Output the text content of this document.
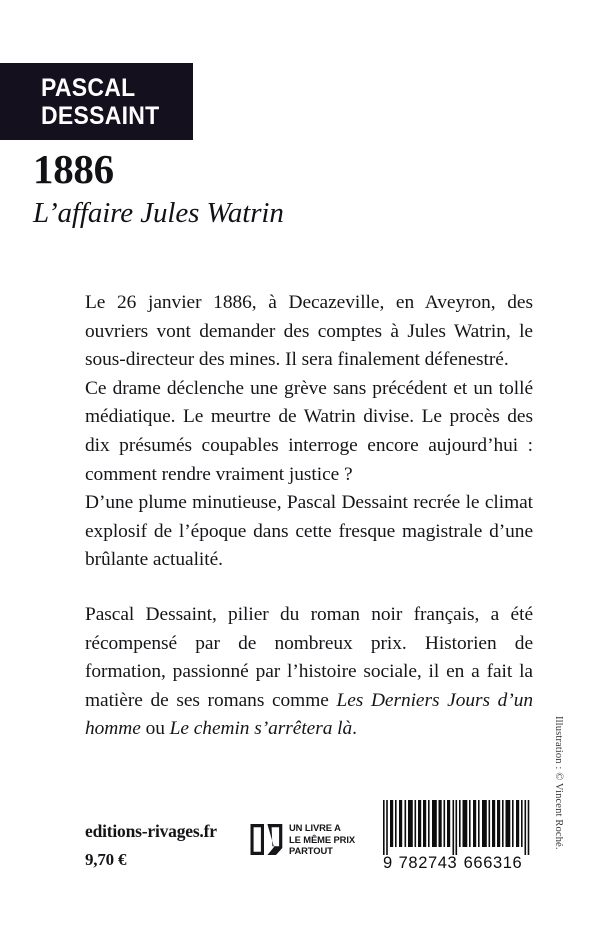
PASCAL
DESSAINT
1886
L’affaire Jules Watrin

Le 26 janvier 1886, à Decazeville, en Aveyron, des ouvriers vont demander des comptes à Jules Watrin, le sous-directeur des mines. Il sera finalement défenestré.

Ce drame déclenche une grève sans précédent et un tollé médiatique. Le meurtre de Watrin divise. Le procès des dix présumés coupables interroge encore aujourd’hui : comment rendre vraiment justice ?

D’une plume minutieuse, Pascal Dessaint recrée le climat explosif de l’époque dans cette fresque magistrale d’une brûlante actualité.

Pascal Dessaint, pilier du roman noir français, a été récompensé par de nombreux prix. Historien de formation, passionné par l’histoire sociale, il en a fait la matière de ses romans comme Les Derniers Jours d’un homme ou Le chemin s’arrêtera là.

editions-rivages.fr
9,70 €
UN LIVRE A
LE MÊME PRIX
PARTOUT
9 782743 666316
Illustration : © Vincent Roché.
